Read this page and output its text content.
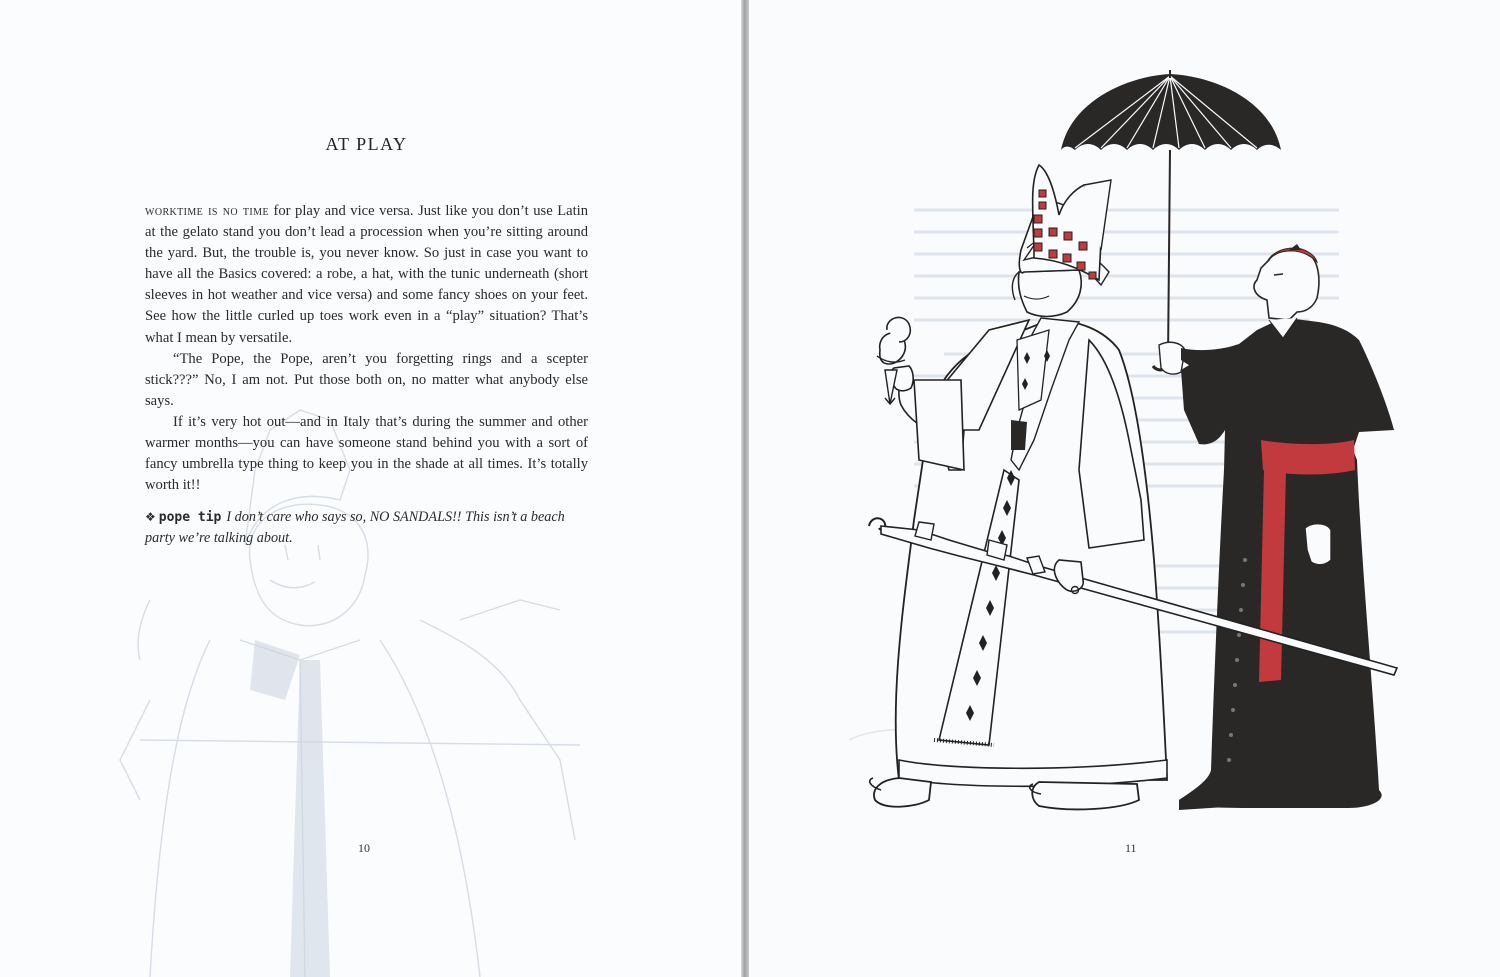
AT PLAY

worktime is no time for play and vice versa. Just like you don’t use Latin at the gelato stand you don’t lead a procession when you’re sitting around the yard. But, the trouble is, you never know. So just in case you want to have all the Basics covered: a robe, a hat, with the tunic underneath (short sleeves in hot weather and vice versa) and some fancy shoes on your feet. See how the little curled up toes work even in a “play” situation? That’s what I mean by versatile.

“The Pope, the Pope, aren’t you forgetting rings and a scepter stick???” No, I am not. Put those both on, no matter what anybody else says.

If it’s very hot out—and in Italy that’s during the summer and other warmer months—you can have someone stand behind you with a sort of fancy umbrella type thing to keep you in the shade at all times. It’s totally worth it!!

❖ pope tip I don’t care who says so, NO SANDALS!! This isn’t a beach party we’re talking about.

10	11
